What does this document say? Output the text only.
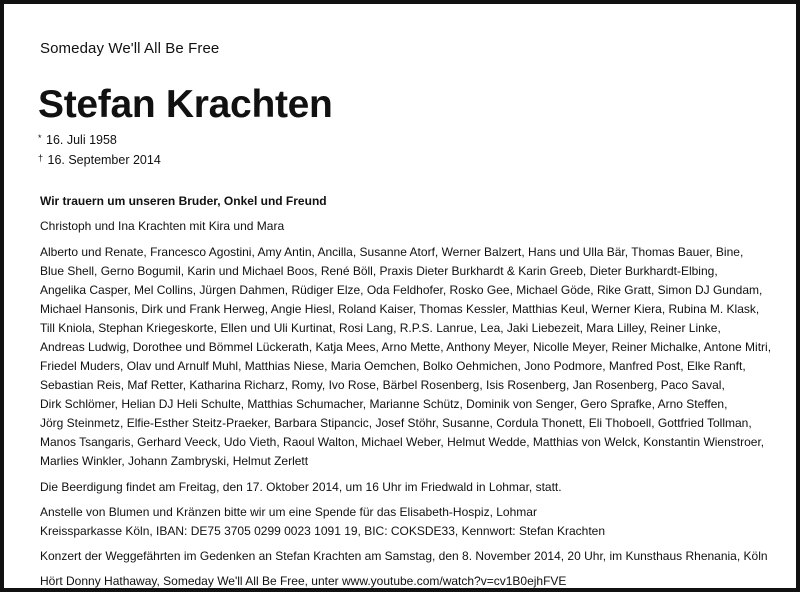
Someday We'll All Be Free
Stefan Krachten
* 16. Juli 1958
† 16. September 2014
Wir trauern um unseren Bruder, Onkel und Freund
Christoph und Ina Krachten mit Kira und Mara
Alberto und Renate, Francesco Agostini, Amy Antin, Ancilla, Susanne Atorf, Werner Balzert, Hans und Ulla Bär, Thomas Bauer, Bine,
Blue Shell, Gerno Bogumil, Karin und Michael Boos, René Böll, Praxis Dieter Burkhardt & Karin Greeb, Dieter Burkhardt-Elbing,
Angelika Casper, Mel Collins, Jürgen Dahmen, Rüdiger Elze, Oda Feldhofer, Rosko Gee, Michael Göde, Rike Gratt, Simon DJ Gundam,
Michael Hansonis, Dirk und Frank Herweg, Angie Hiesl, Roland Kaiser, Thomas Kessler, Matthias Keul, Werner Kiera, Rubina M. Klask,
Till Kniola, Stephan Kriegeskorte, Ellen und Uli Kurtinat, Rosi Lang, R.P.S. Lanrue, Lea, Jaki Liebezeit, Mara Lilley, Reiner Linke,
Andreas Ludwig, Dorothee und Bömmel Lückerath, Katja Mees, Arno Mette, Anthony Meyer, Nicolle Meyer, Reiner Michalke, Antone Mitri,
Friedel Muders, Olav und Arnulf Muhl, Matthias Niese, Maria Oemchen, Bolko Oehmichen, Jono Podmore, Manfred Post, Elke Ranft,
Sebastian Reis, Maf Retter, Katharina Richarz, Romy, Ivo Rose, Bärbel Rosenberg, Isis Rosenberg, Jan Rosenberg, Paco Saval,
Dirk Schlömer, Helian DJ Heli Schulte, Matthias Schumacher, Marianne Schütz, Dominik von Senger, Gero Sprafke, Arno Steffen,
Jörg Steinmetz, Elfie-Esther Steitz-Praeker, Barbara Stipancic, Josef Stöhr, Susanne, Cordula Thonett, Eli Thoboell, Gottfried Tollman,
Manos Tsangaris, Gerhard Veeck, Udo Vieth, Raoul Walton, Michael Weber, Helmut Wedde, Matthias von Welck, Konstantin Wienstroer,
Marlies Winkler, Johann Zambryski, Helmut Zerlett
Die Beerdigung findet am Freitag, den 17. Oktober 2014, um 16 Uhr im Friedwald in Lohmar, statt.
Anstelle von Blumen und Kränzen bitte wir um eine Spende für das Elisabeth-Hospiz, Lohmar
Kreissparkasse Köln, IBAN: DE75 3705 0299 0023 1091 19, BIC: COKSDE33, Kennwort: Stefan Krachten
Konzert der Weggefährten im Gedenken an Stefan Krachten am Samstag, den 8. November 2014, 20 Uhr, im Kunsthaus Rhenania, Köln
Hört Donny Hathaway, Someday We'll All Be Free, unter www.youtube.com/watch?v=cv1B0ejhFVE
